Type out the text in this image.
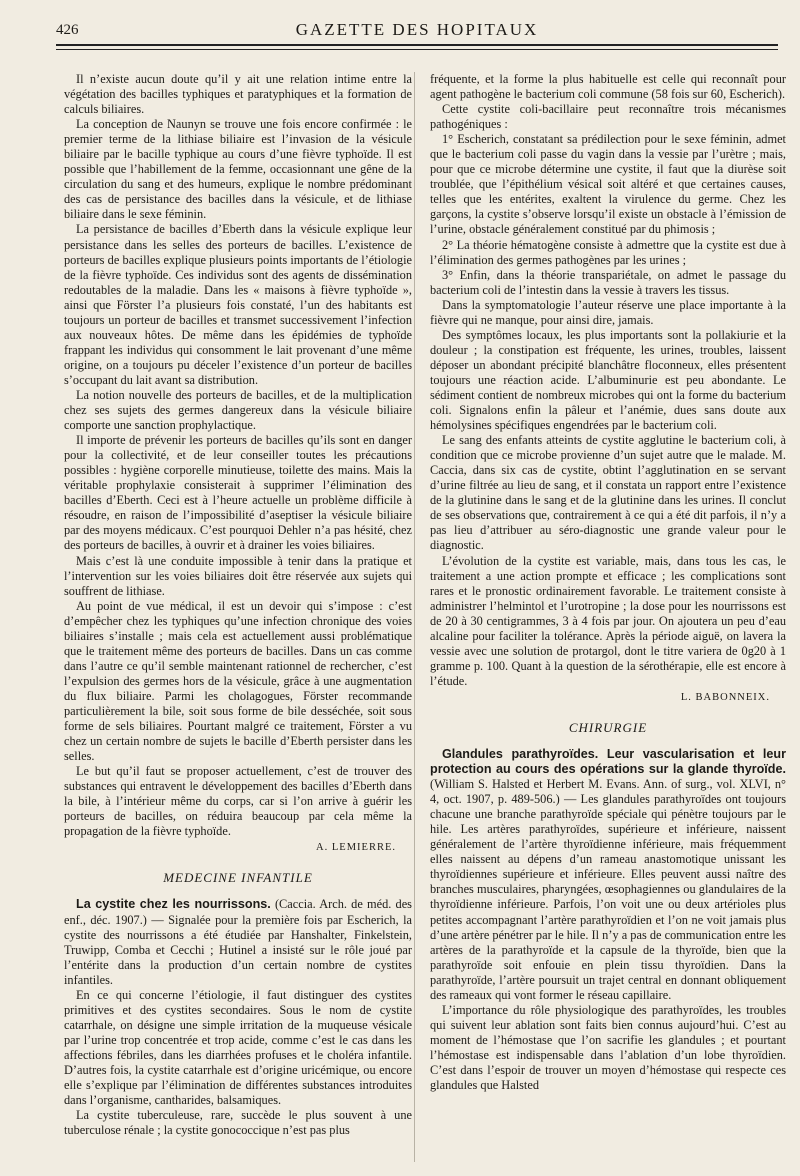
426	GAZETTE DES HOPITAUX

Il n’existe aucun doute qu’il y ait une relation intime entre la végétation des bacilles typhiques et paratyphiques et la formation de calculs biliaires.

La conception de Naunyn se trouve une fois encore confirmée : le premier terme de la lithiase biliaire est l’invasion de la vésicule biliaire par le bacille typhique au cours d’une fièvre typhoïde. Il est possible que l’habillement de la femme, occasionnant une gêne de la circulation du sang et des humeurs, explique le nombre prédominant des cas de persistance des bacilles dans la vésicule, et de lithiase biliaire dans le sexe féminin.

La persistance de bacilles d’Eberth dans la vésicule explique leur persistance dans les selles des porteurs de bacilles. L’existence de porteurs de bacilles explique plusieurs points importants de l’étiologie de la fièvre typhoïde. Ces individus sont des agents de dissémination redoutables de la maladie. Dans les « maisons à fièvre typhoïde », ainsi que Förster l’a plusieurs fois constaté, l’un des habitants est toujours un porteur de bacilles et transmet successivement l’infection aux nouveaux hôtes. De même dans les épidémies de typhoïde frappant les individus qui consomment le lait provenant d’une même origine, on a toujours pu déceler l’existence d’un porteur de bacilles s’occupant du lait avant sa distribution.

La notion nouvelle des porteurs de bacilles, et de la multiplication chez ses sujets des germes dangereux dans la vésicule biliaire comporte une sanction prophylactique.

Il importe de prévenir les porteurs de bacilles qu’ils sont en danger pour la collectivité, et de leur conseiller toutes les précautions possibles : hygiène corporelle minutieuse, toilette des mains. Mais la véritable prophylaxie consisterait à supprimer l’élimination des bacilles d’Eberth. Ceci est à l’heure actuelle un problème difficile à résoudre, en raison de l’impossibilité d’aseptiser la vésicule biliaire par des moyens médicaux. C’est pourquoi Dehler n’a pas hésité, chez des porteurs de bacilles, à ouvrir et à drainer les voies biliaires.

Mais c’est là une conduite impossible à tenir dans la pratique et l’intervention sur les voies biliaires doit être réservée aux sujets qui souffrent de lithiase.

Au point de vue médical, il est un devoir qui s’impose : c’est d’empêcher chez les typhiques qu’une infection chronique des voies biliaires s’installe ; mais cela est actuellement aussi problématique que le traitement même des porteurs de bacilles. Dans un cas comme dans l’autre ce qu’il semble maintenant rationnel de rechercher, c’est l’expulsion des germes hors de la vésicule, grâce à une augmentation du flux biliaire. Parmi les cholagogues, Förster recommande particulièrement la bile, soit sous forme de bile desséchée, soit sous forme de sels biliaires. Pourtant malgré ce traitement, Förster a vu chez un certain nombre de sujets le bacille d’Eberth persister dans les selles.

Le but qu’il faut se proposer actuellement, c’est de trouver des substances qui entravent le développement des bacilles d’Eberth dans la bile, à l’intérieur même du corps, car si l’on arrive à guérir les porteurs de bacilles, on réduira beaucoup par cela même la propagation de la fièvre typhoïde.

A. LEMIERRE.
MEDECINE INFANTILE

La cystite chez les nourrissons. (Caccia. Arch. de méd. des enf., déc. 1907.) — Signalée pour la première fois par Escherich, la cystite des nourrissons a été étudiée par Hanshalter, Finkelstein, Truwipp, Comba et Cecchi ; Hutinel a insisté sur le rôle joué par l’entérite dans la production d’un certain nombre de cystites infantiles.

En ce qui concerne l’étiologie, il faut distinguer des cystites primitives et des cystites secondaires. Sous le nom de cystite catarrhale, on désigne une simple irritation de la muqueuse vésicale par l’urine trop concentrée et trop acide, comme c’est le cas dans les affections fébriles, dans les diarrhées profuses et le choléra infantile. D’autres fois, la cystite catarrhale est d’origine uricémique, ou encore elle s’explique par l’élimination de différentes substances introduites dans l’organisme, cantharides, balsamiques.

La cystite tuberculeuse, rare, succède le plus souvent à une tuberculose rénale ; la cystite gonococcique n’est pas plus

fréquente, et la forme la plus habituelle est celle qui reconnaît pour agent pathogène le bacterium coli commune (58 fois sur 60, Escherich).

Cette cystite coli-bacillaire peut reconnaître trois mécanismes pathogéniques :

1° Escherich, constatant sa prédilection pour le sexe féminin, admet que le bacterium coli passe du vagin dans la vessie par l’urètre ; mais, pour que ce microbe détermine une cystite, il faut que la diurèse soit troublée, que l’épithélium vésical soit altéré et que certaines causes, telles que les entérites, exaltent la virulence du germe. Chez les garçons, la cystite s’observe lorsqu’il existe un obstacle à l’émission de l’urine, obstacle généralement constitué par du phimosis ;

2° La théorie hématogène consiste à admettre que la cystite est due à l’élimination des germes pathogènes par les urines ;

3° Enfin, dans la théorie transpariétale, on admet le passage du bacterium coli de l’intestin dans la vessie à travers les tissus.

Dans la symptomatologie l’auteur réserve une place importante à la fièvre qui ne manque, pour ainsi dire, jamais.

Des symptômes locaux, les plus importants sont la pollakiurie et la douleur ; la constipation est fréquente, les urines, troubles, laissent déposer un abondant précipité blanchâtre floconneux, elles présentent toujours une réaction acide. L’albuminurie est peu abondante. Le sédiment contient de nombreux microbes qui ont la forme du bacterium coli. Signalons enfin la pâleur et l’anémie, dues sans doute aux hémolysines spécifiques engendrées par le bacterium coli.

Le sang des enfants atteints de cystite agglutine le bacterium coli, à condition que ce microbe provienne d’un sujet autre que le malade. M. Caccia, dans six cas de cystite, obtint l’agglutination en se servant d’urine filtrée au lieu de sang, et il constata un rapport entre l’existence de la glutinine dans le sang et de la glutinine dans les urines. Il conclut de ses observations que, contrairement à ce qui a été dit parfois, il n’y a pas lieu d’attribuer au séro-diagnostic une grande valeur pour le diagnostic.

L’évolution de la cystite est variable, mais, dans tous les cas, le traitement a une action prompte et efficace ; les complications sont rares et le pronostic ordinairement favorable. Le traitement consiste à administrer l’helmintol et l’urotropine ; la dose pour les nourrissons est de 20 à 30 centigrammes, 3 à 4 fois par jour. On ajoutera un peu d’eau alcaline pour faciliter la tolérance. Après la période aiguë, on lavera la vessie avec une solution de protargol, dont le titre variera de 0g20 à 1 gramme p. 100. Quant à la question de la sérothérapie, elle est encore à l’étude.

L. BABONNEIX.
CHIRURGIE

Glandules parathyroïdes. Leur vascularisation et leur protection au cours des opérations sur la glande thyroïde. (William S. Halsted et Herbert M. Evans. Ann. of surg., vol. XLVI, n° 4, oct. 1907, p. 489-506.) — Les glandules parathyroïdes ont toujours chacune une branche parathyroïde spéciale qui pénètre toujours par le hile. Les artères parathyroïdes, supérieure et inférieure, naissent généralement de l’artère thyroïdienne inférieure, mais fréquemment elles naissent au dépens d’un rameau anastomotique unissant les thyroïdiennes supérieure et inférieure. Elles peuvent aussi naître des branches musculaires, pharyngées, œsophagiennes ou glandulaires de la thyroïdienne inférieure. Parfois, l’on voit une ou deux artérioles plus petites accompagnant l’artère parathyroïdien et l’on ne voit jamais plus d’une artère pénétrer par le hile. Il n’y a pas de communication entre les artères de la parathyroïde et la capsule de la thyroïde, bien que la parathyroïde soit enfouie en plein tissu thyroïdien. Dans la parathyroïde, l’artère poursuit un trajet central en donnant obliquement des rameaux qui vont former le réseau capillaire.

L’importance du rôle physiologique des parathyroïdes, les troubles qui suivent leur ablation sont faits bien connus aujourd’hui. C’est au moment de l’hémostase que l’on sacrifie les glandules ; et pourtant l’hémostase est indispensable dans l’ablation d’un lobe thyroïdien. C’est dans l’espoir de trouver un moyen d’hémostase qui respecte ces glandules que Halsted
